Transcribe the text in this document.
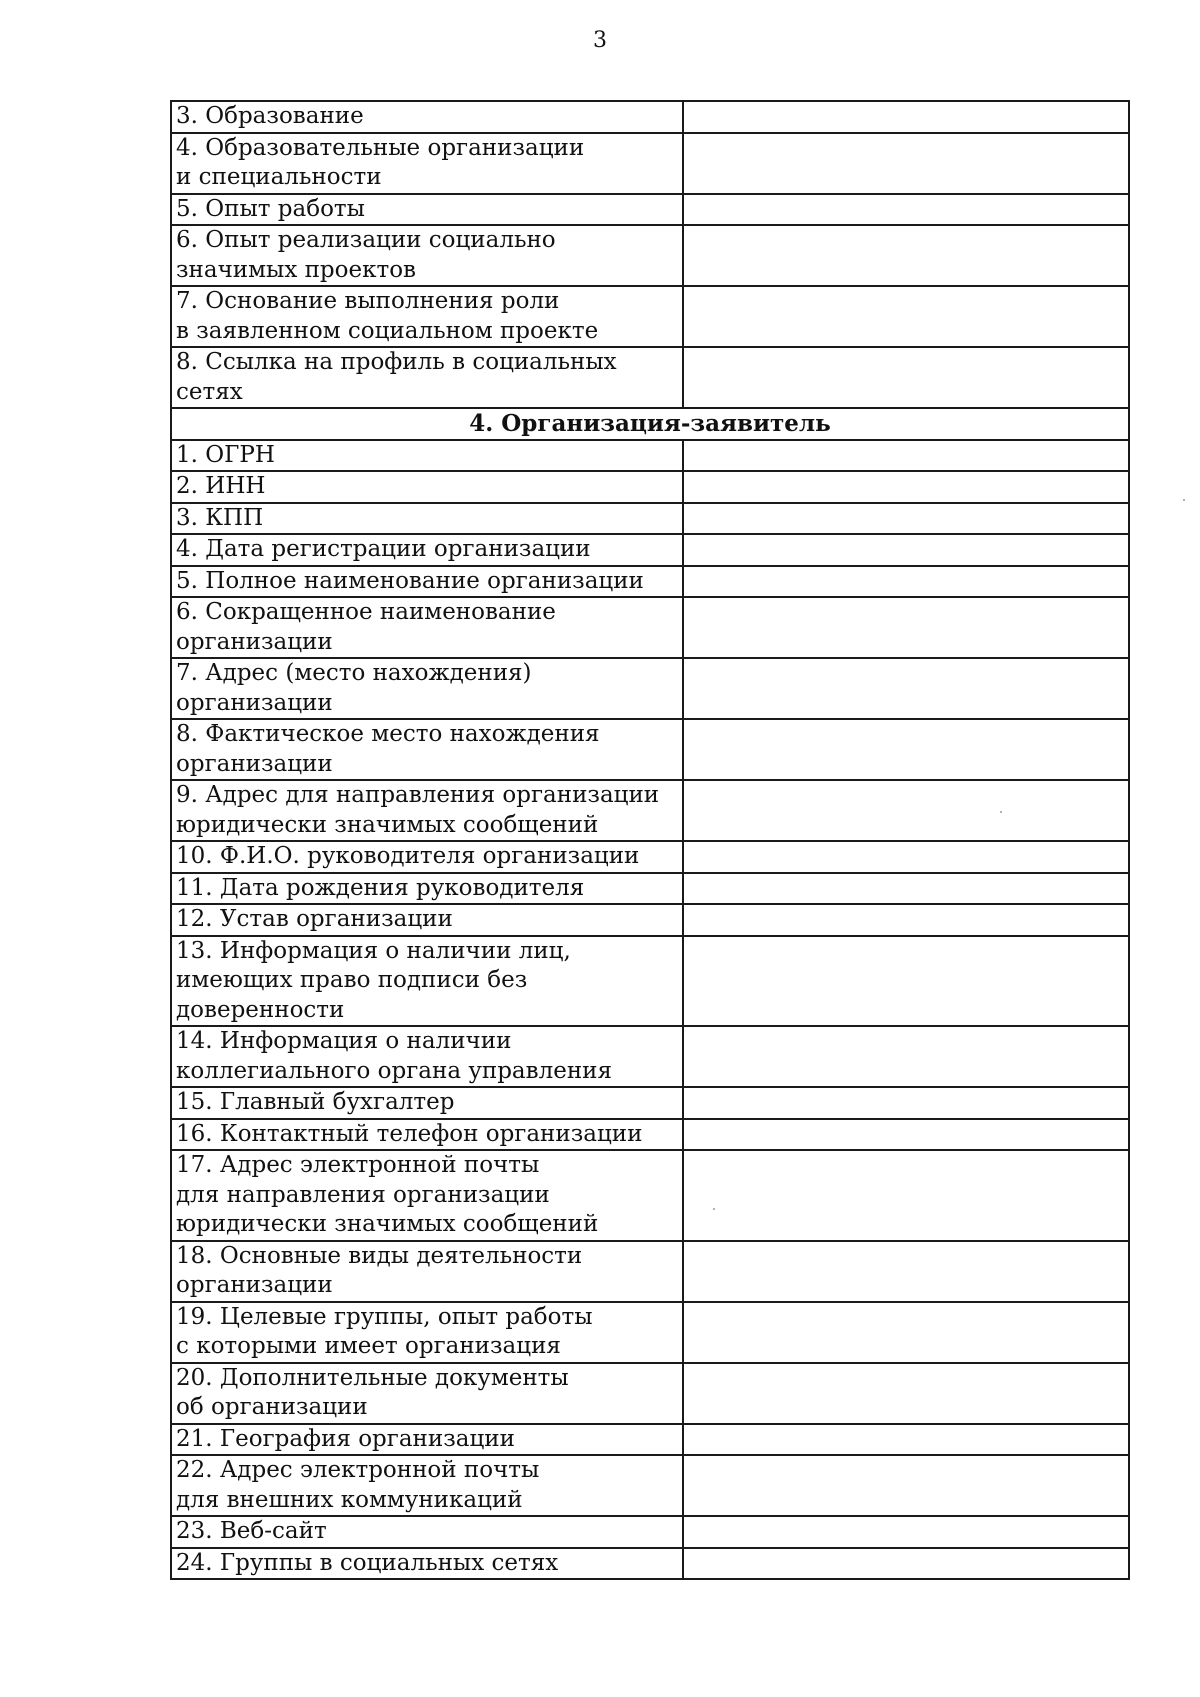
3
3. Образование	
4. Образовательные организации
и специальности	
5. Опыт работы	
6. Опыт реализации социально
значимых проектов	
7. Основание выполнения роли
в заявленном социальном проекте	
8. Ссылка на профиль в социальных
сетях	
4. Организация-заявитель	
1. ОГРН	
2. ИНН	
3. КПП	
4. Дата регистрации организации	
5. Полное наименование организации	
6. Сокращенное наименование
организации	
7. Адрес (место нахождения)
организации	
8. Фактическое место нахождения
организации	
9. Адрес для направления организации
юридически значимых сообщений	
10. Ф.И.О. руководителя организации	
11. Дата рождения руководителя	
12. Устав организации	
13. Информация о наличии лиц,
имеющих право подписи без доверенности	
14. Информация о наличии
коллегиального органа управления	
15. Главный бухгалтер	
16. Контактный телефон организации	
17. Адрес электронной почты
для направления организации
юридически значимых сообщений	
18. Основные виды деятельности
организации	
19. Целевые группы, опыт работы
с которыми имеет организация	
20. Дополнительные документы
об организации	
21. География организации	
22. Адрес электронной почты
для внешних коммуникаций	
23. Веб-сайт	
24. Группы в социальных сетях	
